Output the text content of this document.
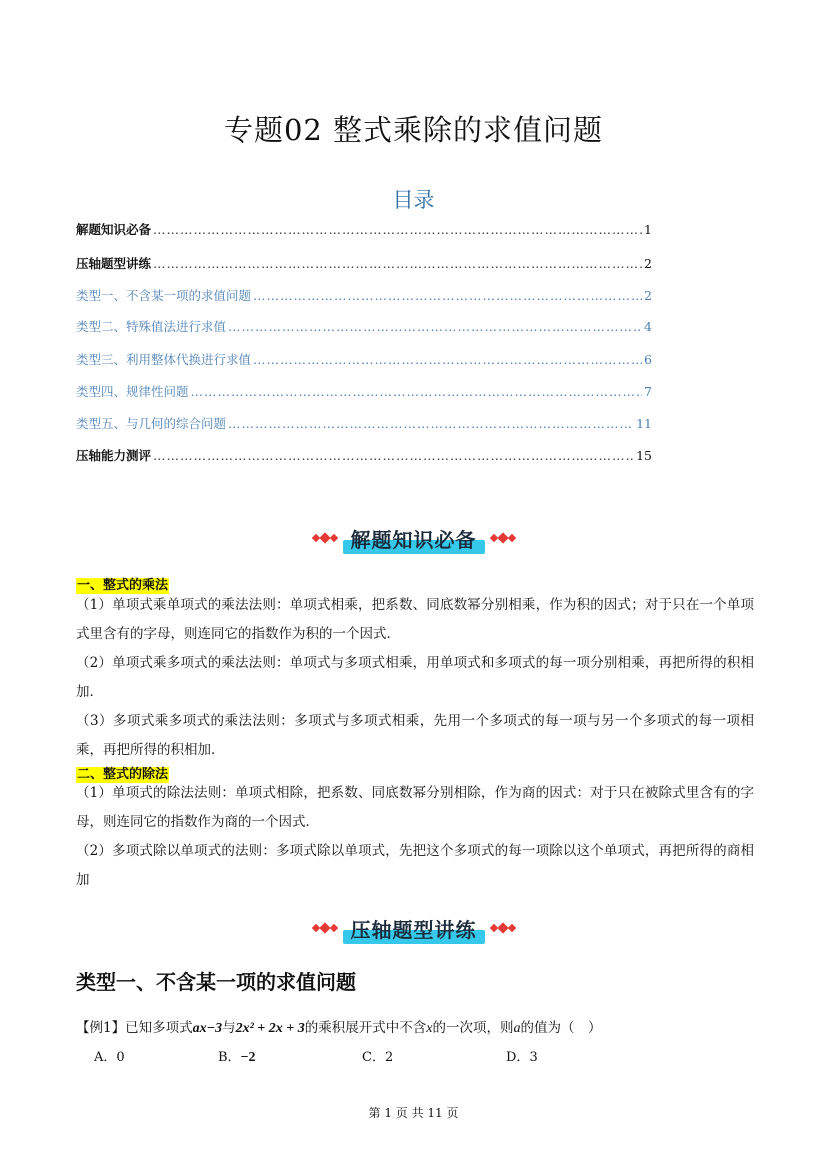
专题02 整式乘除的求值问题
目录
解题知识必备 …………………………………………………………………………………………………………………………………………………………	1
压轴题型讲练 …………………………………………………………………………………………………………………………………………………………	2
类型一、不含某一项的求值问题 …………………………………………………………………………………………………………………………………………………………	2
类型二、特殊值法进行求值 …………………………………………………………………………………………………………………………………………………………	4
类型三、利用整体代换进行求值 …………………………………………………………………………………………………………………………………………………………	6
类型四、规律性问题 …………………………………………………………………………………………………………………………………………………………	7
类型五、与几何的综合问题 …………………………………………………………………………………………………………………………………………………………	11
压轴能力测评 …………………………………………………………………………………………………………………………………………………………	15
解题知识必备
一、整式的乘法
（1）单项式乘单项式的乘法法则：单项式相乘，把系数、同底数幂分别相乘，作为积的因式；对于只在一个单项式里含有的字母，则连同它的指数作为积的一个因式．
（2）单项式乘多项式的乘法法则：单项式与多项式相乘，用单项式和多项式的每一项分别相乘，再把所得的积相加．
（3）多项式乘多项式的乘法法则：多项式与多项式相乘，先用一个多项式的每一项与另一个多项式的每一项相乘，再把所得的积相加．
二、整式的除法
（1）单项式的除法法则：单项式相除，把系数、同底数幂分别相除，作为商的因式：对于只在被除式里含有的字母，则连同它的指数作为商的一个因式．
（2）多项式除以单项式的法则：多项式除以单项式，先把这个多项式的每一项除以这个单项式，再把所得的商相加
压轴题型讲练
类型一、不含某一项的求值问题
【例1】已知多项式ax−3与2x² + 2x + 3的乘积展开式中不含x的一次项，则a的值为（　）
A．0	B．−2	C．2	D．3
第 1 页 共 11 页
